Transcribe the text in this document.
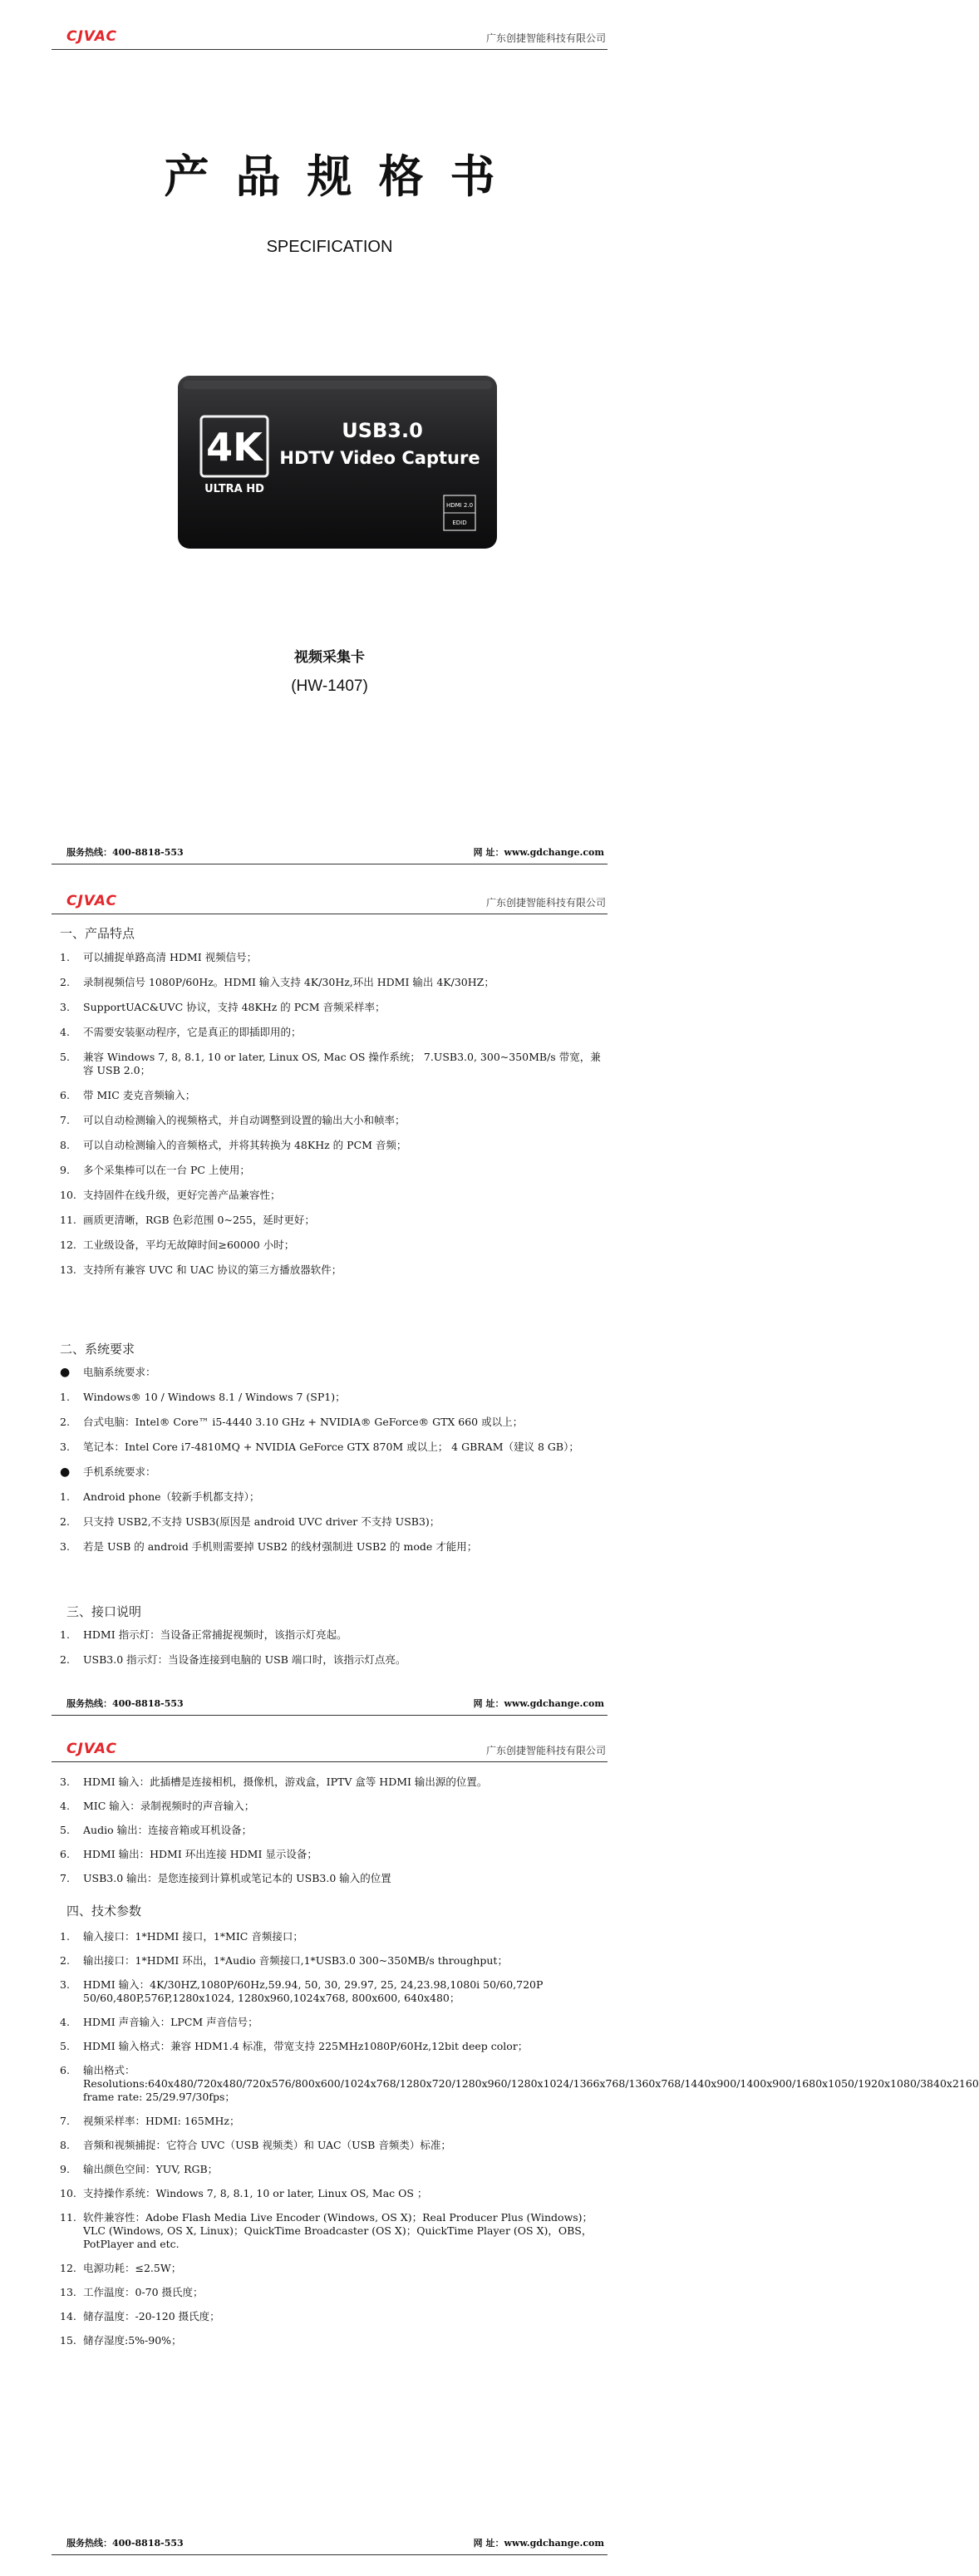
CJVAC	广东创捷智能科技有限公司
产品规格书
SPECIFICATION
4K
ULTRA HD
USB3.0
HDTV Video Capture
HDMI 2.0
EDID
视频采集卡
(HW-1407)
服务热线：400-8818-553	网 址：www.gdchange.com
CJVAC	广东创捷智能科技有限公司
一、产品特点
1. 可以捕捉单路高清 HDMI 视频信号；
2. 录制视频信号 1080P/60Hz。HDMI 输入支持 4K/30Hz,环出 HDMI 输出 4K/30HZ；
3. SupportUAC&UVC 协议，支持 48KHz 的 PCM 音频采样率；
4. 不需要安装驱动程序，它是真正的即插即用的；
5. 兼容 Windows 7, 8, 8.1, 10 or later, Linux OS, Mac OS 操作系统； 7.USB3.0, 300~350MB/s 带宽，兼容 USB 2.0；
6. 带 MIC 麦克音频输入；
7. 可以自动检测输入的视频格式，并自动调整到设置的输出大小和帧率；
8. 可以自动检测输入的音频格式，并将其转换为 48KHz 的 PCM 音频；
9. 多个采集棒可以在一台 PC 上使用；
10. 支持固件在线升级，更好完善产品兼容性；
11. 画质更清晰，RGB 色彩范围 0~255，延时更好；
12. 工业级设备，平均无故障时间≥60000 小时；
13. 支持所有兼容 UVC 和 UAC 协议的第三方播放器软件；
二、系统要求
● 电脑系统要求：
1. Windows® 10 / Windows 8.1 / Windows 7 (SP1)；
2. 台式电脑：Intel® Core™ i5-4440 3.10 GHz + NVIDIA® GeForce® GTX 660 或以上；
3. 笔记本：Intel Core i7-4810MQ + NVIDIA GeForce GTX 870M 或以上； 4 GBRAM（建议 8 GB）；
● 手机系统要求：
1. Android phone（较新手机都支持）；
2. 只支持 USB2,不支持 USB3(原因是 android UVC driver 不支持 USB3)；
3. 若是 USB 的 android 手机则需要掉 USB2 的线材强制进 USB2 的 mode 才能用；
三、接口说明
1. HDMI 指示灯：当设备正常捕捉视频时，该指示灯亮起。
2. USB3.0 指示灯：当设备连接到电脑的 USB 端口时，该指示灯点亮。
服务热线：400-8818-553	网 址：www.gdchange.com
CJVAC	广东创捷智能科技有限公司
3. HDMI 输入：此插槽是连接相机，摄像机，游戏盒，IPTV 盒等 HDMI 输出源的位置。
4. MIC 输入：录制视频时的声音输入；
5. Audio 输出：连接音箱或耳机设备；
6. HDMI 输出：HDMI 环出连接 HDMI 显示设备；
7. USB3.0 输出：是您连接到计算机或笔记本的 USB3.0 输入的位置
四、技术参数
1. 输入接口：1*HDMI 接口，1*MIC 音频接口；
2. 输出接口：1*HDMI 环出，1*Audio 音频接口,1*USB3.0 300~350MB/s throughput；
3. HDMI 输入：4K/30HZ,1080P/60Hz,59.94, 50, 30, 29.97, 25, 24,23.98,1080i 50/60,720P 50/60,480P,576P,1280x1024, 1280x960,1024x768, 800x600, 640x480；
4. HDMI 声音输入：LPCM 声音信号；
5. HDMI 输入格式：兼容 HDM1.4 标准，带宽支持 225MHz1080P/60Hz,12bit deep color；
6. 输出格式：Resolutions:640x480/720x480/720x576/800x600/1024x768/1280x720/1280x960/1280x1024/1366x768/1360x768/1440x900/1400x900/1680x1050/1920x1080/3840x2160 frame rate: 25/29.97/30fps；
7. 视频采样率：HDMI: 165MHz；
8. 音频和视频捕捉：它符合 UVC（USB 视频类）和 UAC（USB 音频类）标准；
9. 输出颜色空间：YUV, RGB；
10. 支持操作系统：Windows 7, 8, 8.1, 10 or later, Linux OS, Mac OS ；
11. 软件兼容性：Adobe Flash Media Live Encoder (Windows, OS X)；Real Producer Plus (Windows)；VLC (Windows, OS X, Linux)；QuickTime Broadcaster (OS X)；QuickTime Player (OS X)，OBS， PotPlayer and etc.
12. 电源功耗：≤2.5W；
13. 工作温度：0-70 摄氏度；
14. 储存温度：-20-120 摄氏度；
15. 储存湿度:5%-90%；
服务热线：400-8818-553	网 址：www.gdchange.com
